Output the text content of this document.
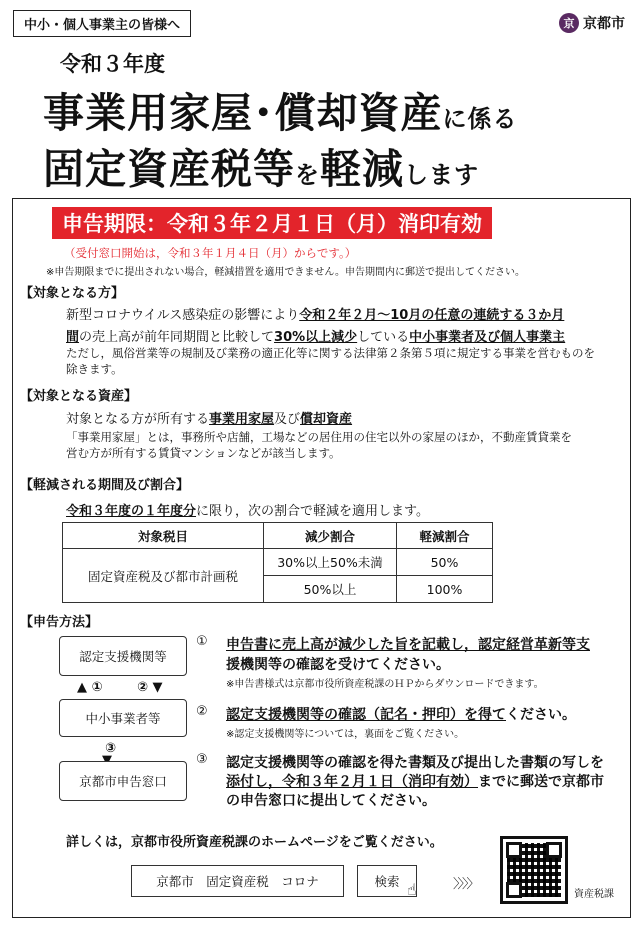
中小・個人事業主の皆様へ	京 京都市
令和３年度
事業用家屋･償却資産に係る
固定資産税等を軽減します
申告期限：令和３年２月１日（月）消印有効
（受付窓口開始は，令和３年１月４日（月）からです。）
※申告期限までに提出されない場合，軽減措置を適用できません。申告期間内に郵送で提出してください。
【対象となる方】
新型コロナウイルス感染症の影響により令和２年２月～10月の任意の連続する３か月
間の売上高が前年同期間と比較して30%以上減少している中小事業者及び個人事業主
ただし，風俗営業等の規制及び業務の適正化等に関する法律第２条第５項に規定する事業を営むものを
除きます。
【対象となる資産】
対象となる方が所有する事業用家屋及び償却資産
「事業用家屋」とは，事務所や店舗，工場などの居住用の住宅以外の家屋のほか，不動産賃貸業を
営む方が所有する賃貸マンションなどが該当します。
【軽減される期間及び割合】
令和３年度の１年度分に限り，次の割合で軽減を適用します。
対象税目	減少割合	軽減割合
固定資産税及び都市計画税	30%以上50%未満	50%
	50%以上	100%
【申告方法】
認定支援機関等
▲ ①	② ▼
中小事業者等
③
京都市申告窓口
① 申告書に売上高が減少した旨を記載し，認定経営革新等支
援機関等の確認を受けてください。
※申告書様式は京都市役所資産税課のＨＰからダウンロードできます。
② 認定支援機関等の確認（記名・押印）を得てください。
※認定支援機関等については，裏面をご覧ください。
③ 認定支援機関等の確認を得た書類及び提出した書類の写しを
添付し，令和３年２月１日（消印有効）までに郵送で京都市
の申告窓口に提出してください。
詳しくは，京都市役所資産税課のホームページをご覧ください。
京都市　固定資産税　コロナ	検索 ☝	〉〉〉〉
資産税課
